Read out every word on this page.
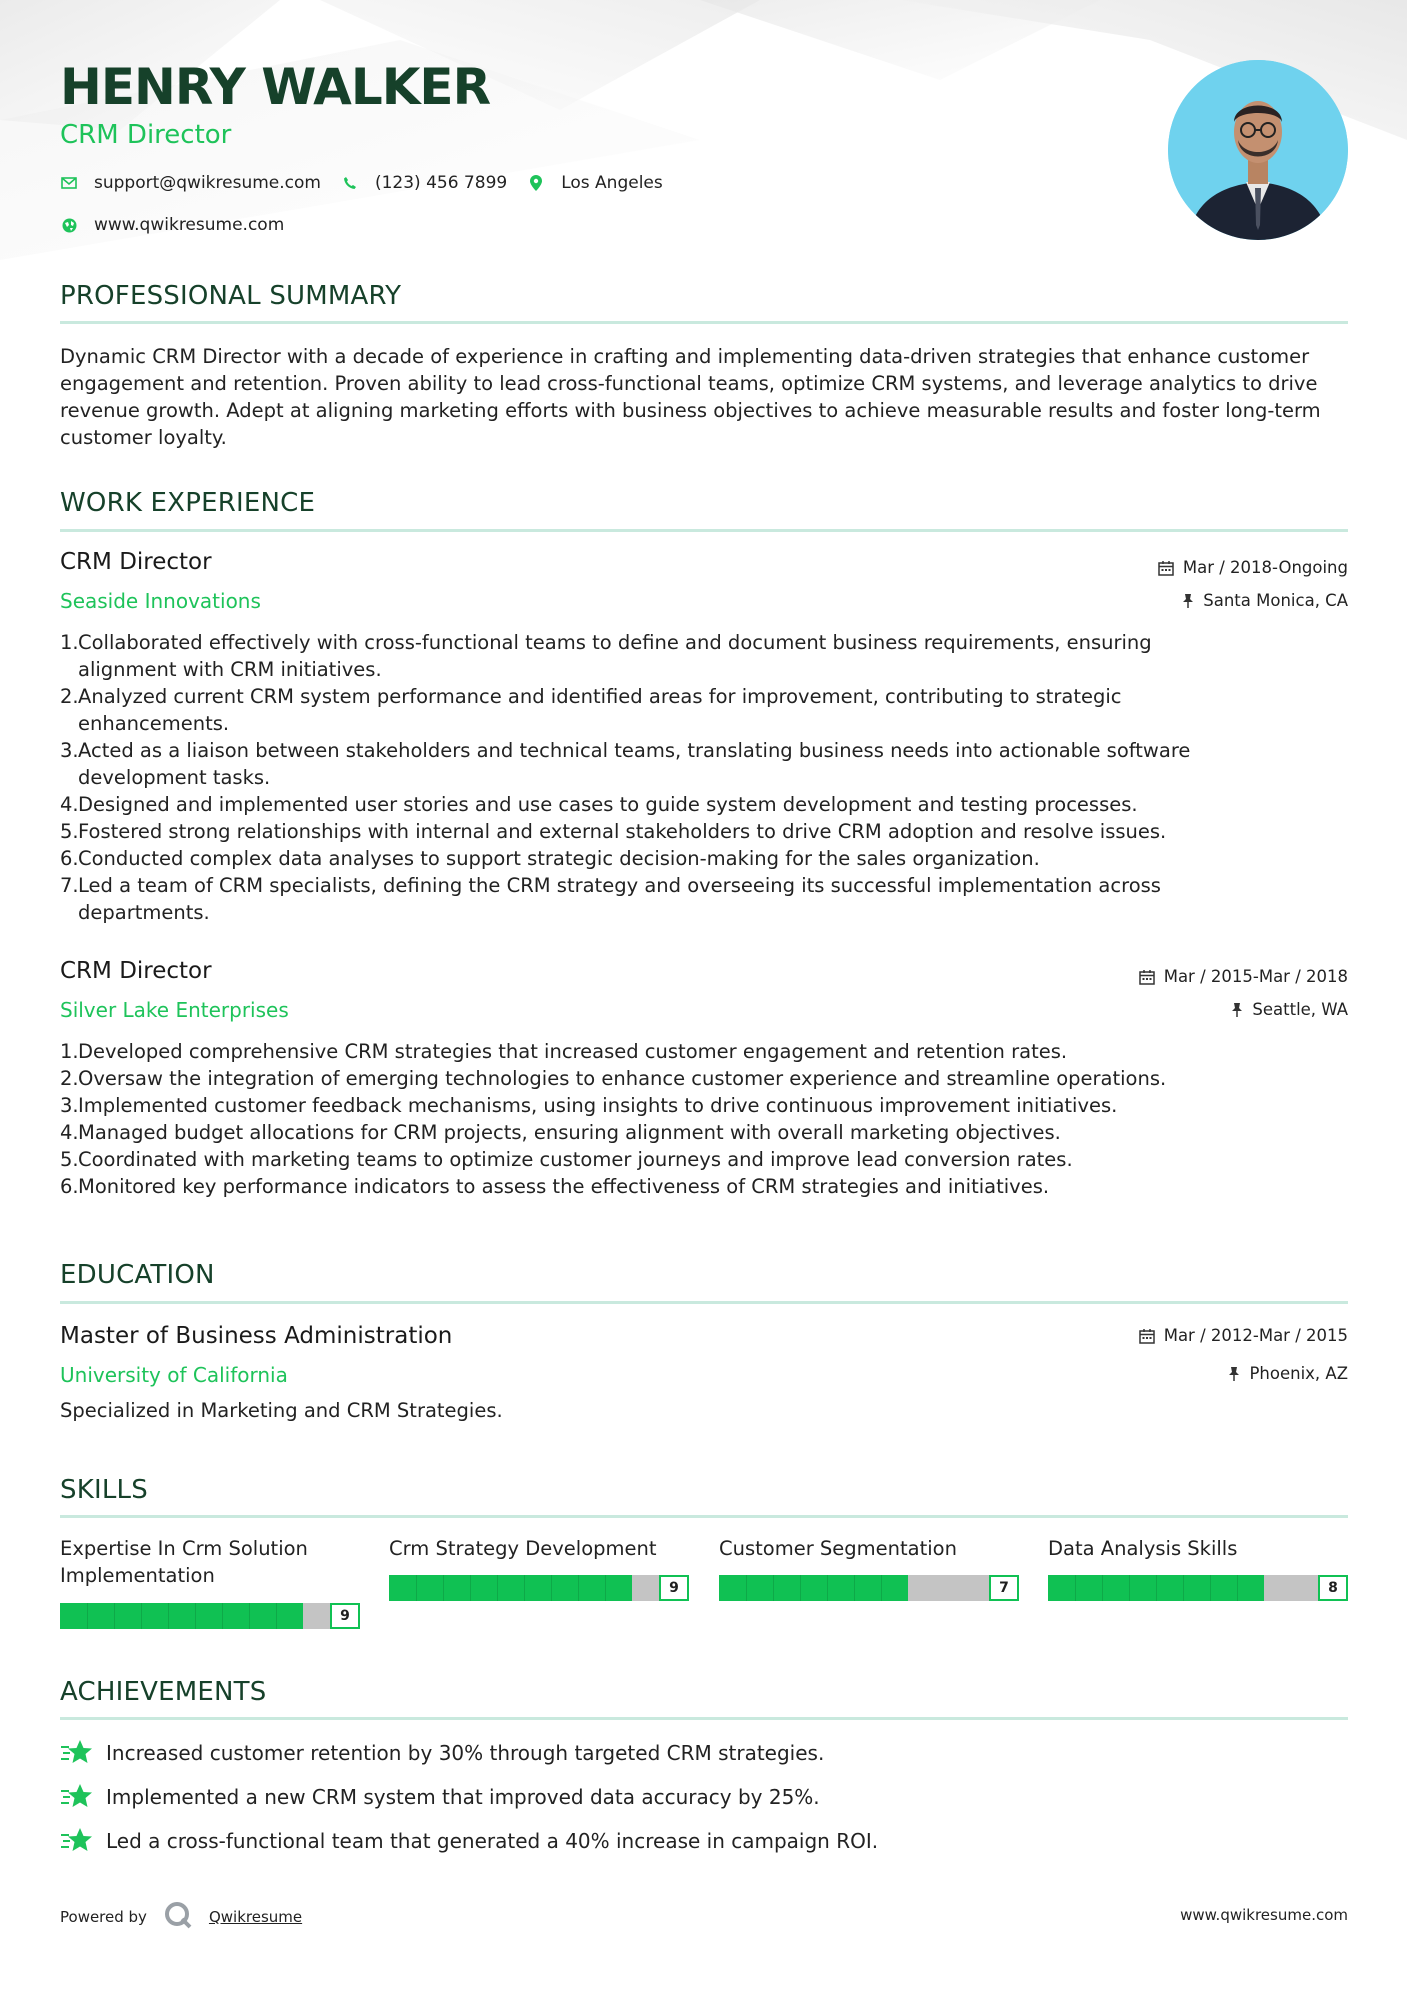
HENRY WALKER
CRM Director
support@qwikresume.com	(123) 456 7899	Los Angeles
www.qwikresume.com
PROFESSIONAL SUMMARY

Dynamic CRM Director with a decade of experience in crafting and implementing data-driven strategies that enhance customer engagement and retention. Proven ability to lead cross-functional teams, optimize CRM systems, and leverage analytics to drive revenue growth. Adept at aligning marketing efforts with business objectives to achieve measurable results and foster long-term customer loyalty.

WORK EXPERIENCE
CRM Director
Seaside Innovations
Mar / 2018-Ongoing
Santa Monica, CA
1. Collaborated effectively with cross-functional teams to define and document business requirements, ensuring
alignment with CRM initiatives.
2. Analyzed current CRM system performance and identified areas for improvement, contributing to strategic
enhancements.
3. Acted as a liaison between stakeholders and technical teams, translating business needs into actionable software
development tasks.
4. Designed and implemented user stories and use cases to guide system development and testing processes.
5. Fostered strong relationships with internal and external stakeholders to drive CRM adoption and resolve issues.
6. Conducted complex data analyses to support strategic decision-making for the sales organization.
7. Led a team of CRM specialists, defining the CRM strategy and overseeing its successful implementation across
departments.
CRM Director
Silver Lake Enterprises
Mar / 2015-Mar / 2018
Seattle, WA
1. Developed comprehensive CRM strategies that increased customer engagement and retention rates.
2. Oversaw the integration of emerging technologies to enhance customer experience and streamline operations.
3. Implemented customer feedback mechanisms, using insights to drive continuous improvement initiatives.
4. Managed budget allocations for CRM projects, ensuring alignment with overall marketing objectives.
5. Coordinated with marketing teams to optimize customer journeys and improve lead conversion rates.
6. Monitored key performance indicators to assess the effectiveness of CRM strategies and initiatives.
EDUCATION
Master of Business Administration
University of California
Mar / 2012-Mar / 2015
Phoenix, AZ

Specialized in Marketing and CRM Strategies.

SKILLS
Expertise In Crm Solution
Implementation
9
Crm Strategy Development
9
Customer Segmentation
7
Data Analysis Skills
8
ACHIEVEMENTS
Increased customer retention by 30% through targeted CRM strategies.
Implemented a new CRM system that improved data accuracy by 25%.
Led a cross-functional team that generated a 40% increase in campaign ROI.
Powered by	Qwikresume	www.qwikresume.com
